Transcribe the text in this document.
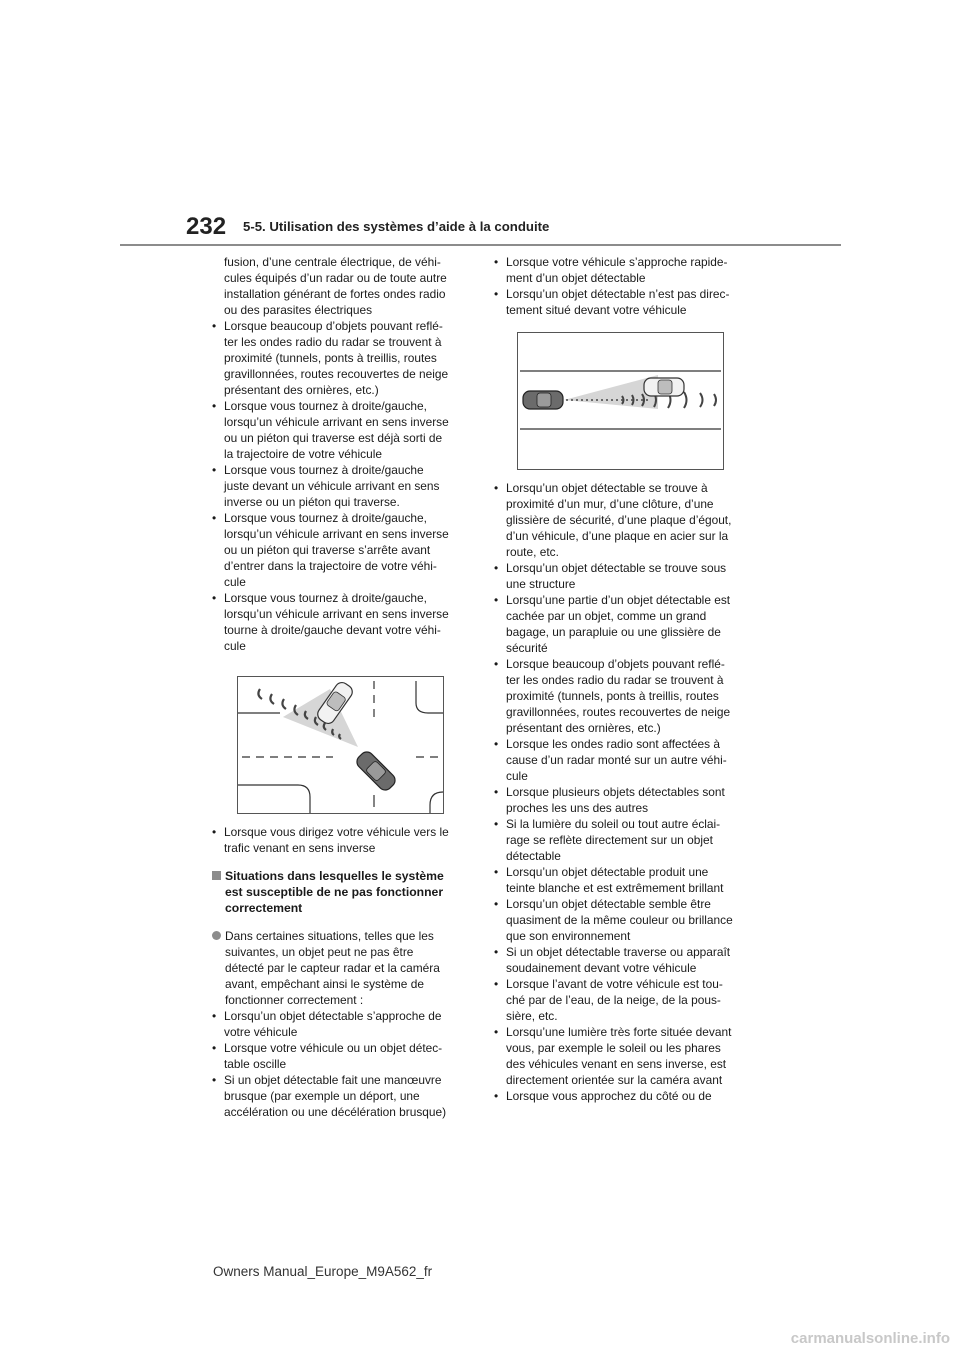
232 5-5. Utilisation des systèmes d’aide à la conduite
fusion, d’une centrale électrique, de véhi-
cules équipés d’un radar ou de toute autre
installation générant de fortes ondes radio
ou des parasites électriques
• Lorsque beaucoup d’objets pouvant reflé-
ter les ondes radio du radar se trouvent à
proximité (tunnels, ponts à treillis, routes
gravillonnées, routes recouvertes de neige
présentant des ornières, etc.)
• Lorsque vous tournez à droite/gauche,
lorsqu’un véhicule arrivant en sens inverse
ou un piéton qui traverse est déjà sorti de
la trajectoire de votre véhicule
• Lorsque vous tournez à droite/gauche
juste devant un véhicule arrivant en sens
inverse ou un piéton qui traverse.
• Lorsque vous tournez à droite/gauche,
lorsqu’un véhicule arrivant en sens inverse
ou un piéton qui traverse s’arrête avant
d’entrer dans la trajectoire de votre véhi-
cule
• Lorsque vous tournez à droite/gauche,
lorsqu’un véhicule arrivant en sens inverse
tourne à droite/gauche devant votre véhi-
cule
• Lorsque vous dirigez votre véhicule vers le
trafic venant en sens inverse
Situations dans lesquelles le système
est susceptible de ne pas fonctionner
correctement
Dans certaines situations, telles que les
suivantes, un objet peut ne pas être
détecté par le capteur radar et la caméra
avant, empêchant ainsi le système de
fonctionner correctement :
• Lorsqu’un objet détectable s’approche de
votre véhicule
• Lorsque votre véhicule ou un objet détec-
table oscille
• Si un objet détectable fait une manœuvre
brusque (par exemple un déport, une
accélération ou une décélération brusque)
• Lorsque votre véhicule s’approche rapide-
ment d’un objet détectable
• Lorsqu’un objet détectable n’est pas direc-
tement situé devant votre véhicule
• Lorsqu’un objet détectable se trouve à
proximité d’un mur, d’une clôture, d’une
glissière de sécurité, d’une plaque d’égout,
d’un véhicule, d’une plaque en acier sur la
route, etc.
• Lorsqu’un objet détectable se trouve sous
une structure
• Lorsqu’une partie d’un objet détectable est
cachée par un objet, comme un grand
bagage, un parapluie ou une glissière de
sécurité
• Lorsque beaucoup d’objets pouvant reflé-
ter les ondes radio du radar se trouvent à
proximité (tunnels, ponts à treillis, routes
gravillonnées, routes recouvertes de neige
présentant des ornières, etc.)
• Lorsque les ondes radio sont affectées à
cause d’un radar monté sur un autre véhi-
cule
• Lorsque plusieurs objets détectables sont
proches les uns des autres
• Si la lumière du soleil ou tout autre éclai-
rage se reflète directement sur un objet
détectable
• Lorsqu’un objet détectable produit une
teinte blanche et est extrêmement brillant
• Lorsqu’un objet détectable semble être
quasiment de la même couleur ou brillance
que son environnement
• Si un objet détectable traverse ou apparaît
soudainement devant votre véhicule
• Lorsque l’avant de votre véhicule est tou-
ché par de l’eau, de la neige, de la pous-
sière, etc.
• Lorsqu’une lumière très forte située devant
vous, par exemple le soleil ou les phares
des véhicules venant en sens inverse, est
directement orientée sur la caméra avant
• Lorsque vous approchez du côté ou de
Owners Manual_Europe_M9A562_fr
carmanualsonline.info
